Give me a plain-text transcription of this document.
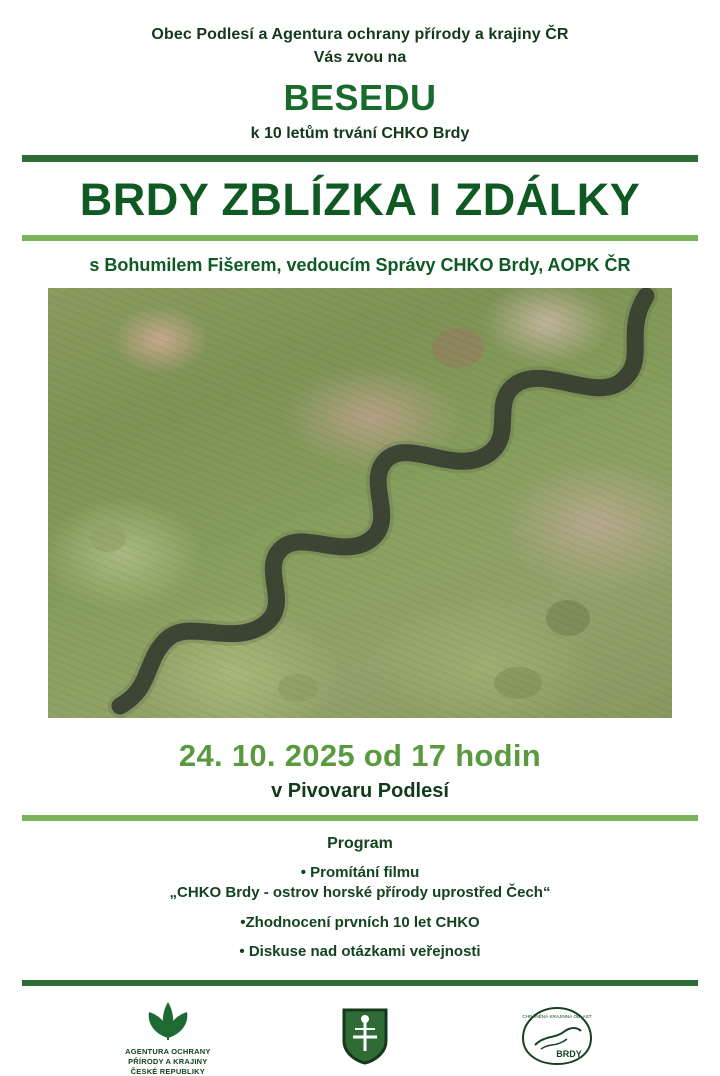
Obec Podlesí a Agentura ochrany přírody a krajiny ČR
Vás zvou na
BESEDU
k 10 letům trvání CHKO Brdy
BRDY ZBLÍZKA I ZDÁLKY
s Bohumilem Fišerem, vedoucím Správy CHKO Brdy, AOPK ČR
24. 10. 2025 od 17 hodin
v Pivovaru Podlesí
Program
• Promítání filmu
„CHKO Brdy - ostrov horské přírody uprostřed Čech“
•Zhodnocení prvních 10 let CHKO
• Diskuse nad otázkami veřejnosti
AGENTURA OCHRANY
PŘÍRODY A KRAJINY
ČESKÉ REPUBLIKY
CHRÁNĚNÁ KRAJINNÁ OBLAST
BRDY
